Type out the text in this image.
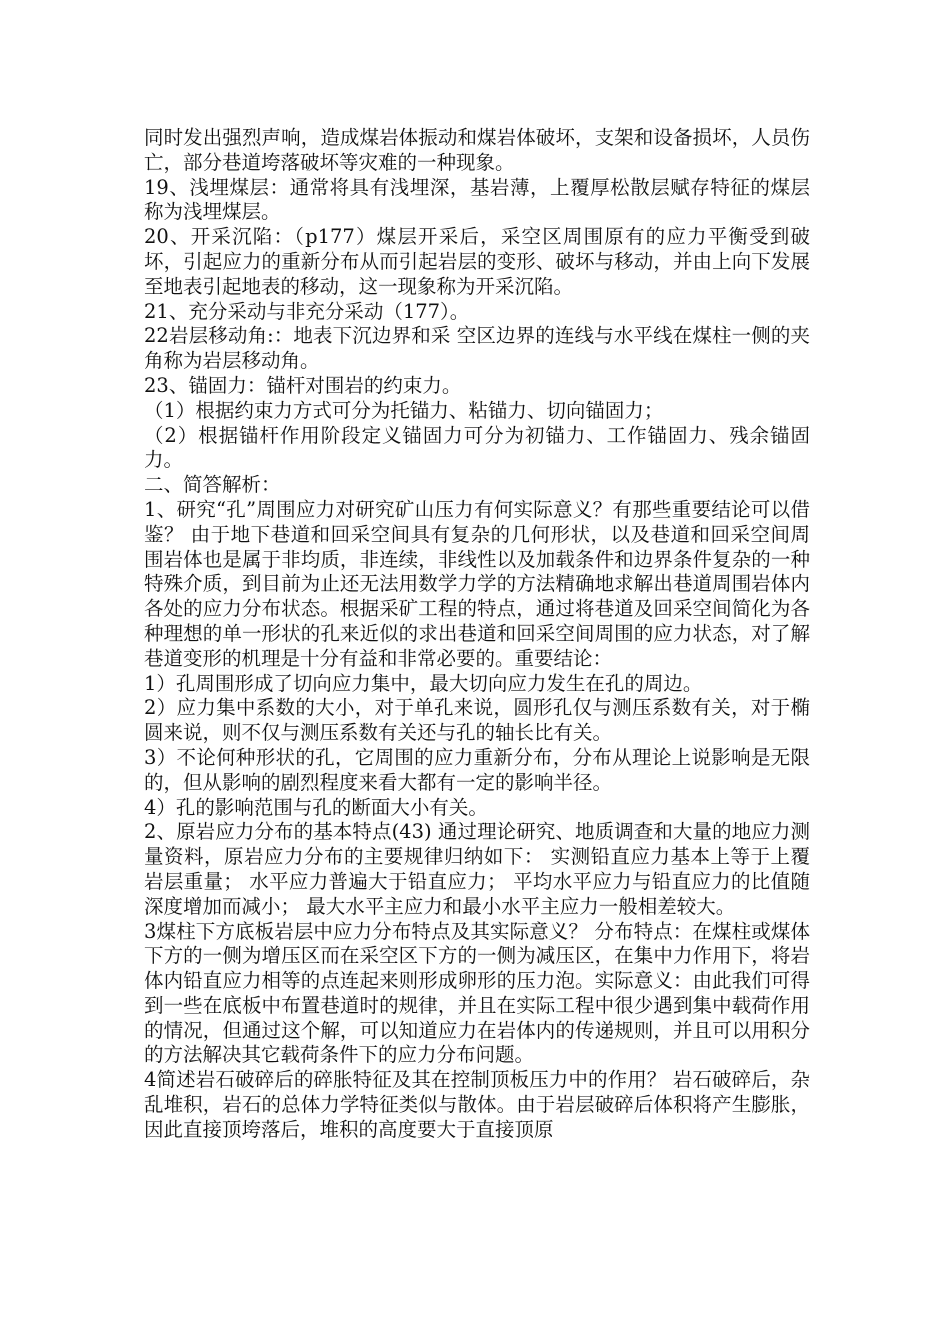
同时发出强烈声响，造成煤岩体振动和煤岩体破坏，支架和设备损坏，人员伤亡，部分巷道垮落破坏等灾难的一种现象。

19、浅埋煤层：通常将具有浅埋深，基岩薄，上覆厚松散层赋存特征的煤层称为浅埋煤层。

20、开采沉陷：（p177）煤层开采后，采空区周围原有的应力平衡受到破坏，引起应力的重新分布从而引起岩层的变形、破坏与移动，并由上向下发展至地表引起地表的移动，这一现象称为开采沉陷。

21、充分采动与非充分采动（177）。

22岩层移动角:：地表下沉边界和采 空区边界的连线与水平线在煤柱一侧的夹角称为岩层移动角。

23、锚固力：锚杆对围岩的约束力。

（1）根据约束力方式可分为托锚力、粘锚力、切向锚固力；

（2）根据锚杆作用阶段定义锚固力可分为初锚力、工作锚固力、残余锚固力。

二、简答解析：

1、研究“孔”周围应力对研究矿山压力有何实际意义？有那些重要结论可以借鉴？ 由于地下巷道和回采空间具有复杂的几何形状，以及巷道和回采空间周围岩体也是属于非均质，非连续，非线性以及加载条件和边界条件复杂的一种特殊介质，到目前为止还无法用数学力学的方法精确地求解出巷道周围岩体内各处的应力分布状态。根据采矿工程的特点，通过将巷道及回采空间简化为各种理想的单一形状的孔来近似的求出巷道和回采空间周围的应力状态，对了解巷道变形的机理是十分有益和非常必要的。重要结论：

1）孔周围形成了切向应力集中，最大切向应力发生在孔的周边。

2）应力集中系数的大小，对于单孔来说，圆形孔仅与测压系数有关，对于椭圆来说，则不仅与测压系数有关还与孔的轴长比有关。

3）不论何种形状的孔，它周围的应力重新分布，分布从理论上说影响是无限的，但从影响的剧烈程度来看大都有一定的影响半径。

4）孔的影响范围与孔的断面大小有关。

2、原岩应力分布的基本特点(43) 通过理论研究、地质调查和大量的地应力测量资料，原岩应力分布的主要规律归纳如下： 实测铅直应力基本上等于上覆岩层重量； 水平应力普遍大于铅直应力； 平均水平应力与铅直应力的比值随深度增加而减小； 最大水平主应力和最小水平主应力一般相差较大。

3煤柱下方底板岩层中应力分布特点及其实际意义？ 分布特点：在煤柱或煤体下方的一侧为增压区而在采空区下方的一侧为减压区，在集中力作用下，将岩体内铅直应力相等的点连起来则形成卵形的压力泡。实际意义：由此我们可得到一些在底板中布置巷道时的规律，并且在实际工程中很少遇到集中载荷作用的情况，但通过这个解，可以知道应力在岩体内的传递规则，并且可以用积分的方法解决其它载荷条件下的应力分布问题。

4简述岩石破碎后的碎胀特征及其在控制顶板压力中的作用？ 岩石破碎后，杂乱堆积，岩石的总体力学特征类似与散体。由于岩层破碎后体积将产生膨胀，因此直接顶垮落后，堆积的高度要大于直接顶原
